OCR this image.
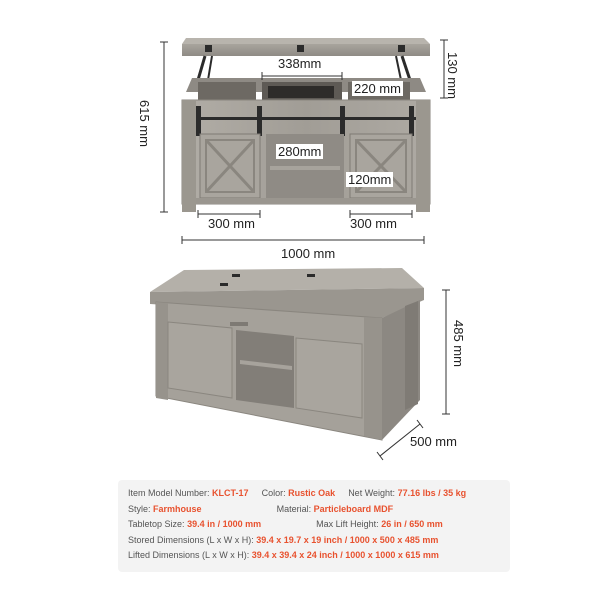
130 mm
615 mm
338mm
220 mm
280mm
120mm
300 mm	300 mm
1000 mm
485 mm
500 mm
Item Model Number: KLCT-17 Color: Rustic Oak Net Weight: 77.16 lbs / 35 kg
Style: Farmhouse	Material: Particleboard MDF
Tabletop Size: 39.4 in / 1000 mm	Max Lift Height: 26 in / 650 mm
Stored Dimensions (L x W x H): 39.4 x 19.7 x 19 inch / 1000 x 500 x 485 mm
Lifted Dimensions (L x W x H): 39.4 x 39.4 x 24 inch / 1000 x 1000 x 615 mm
